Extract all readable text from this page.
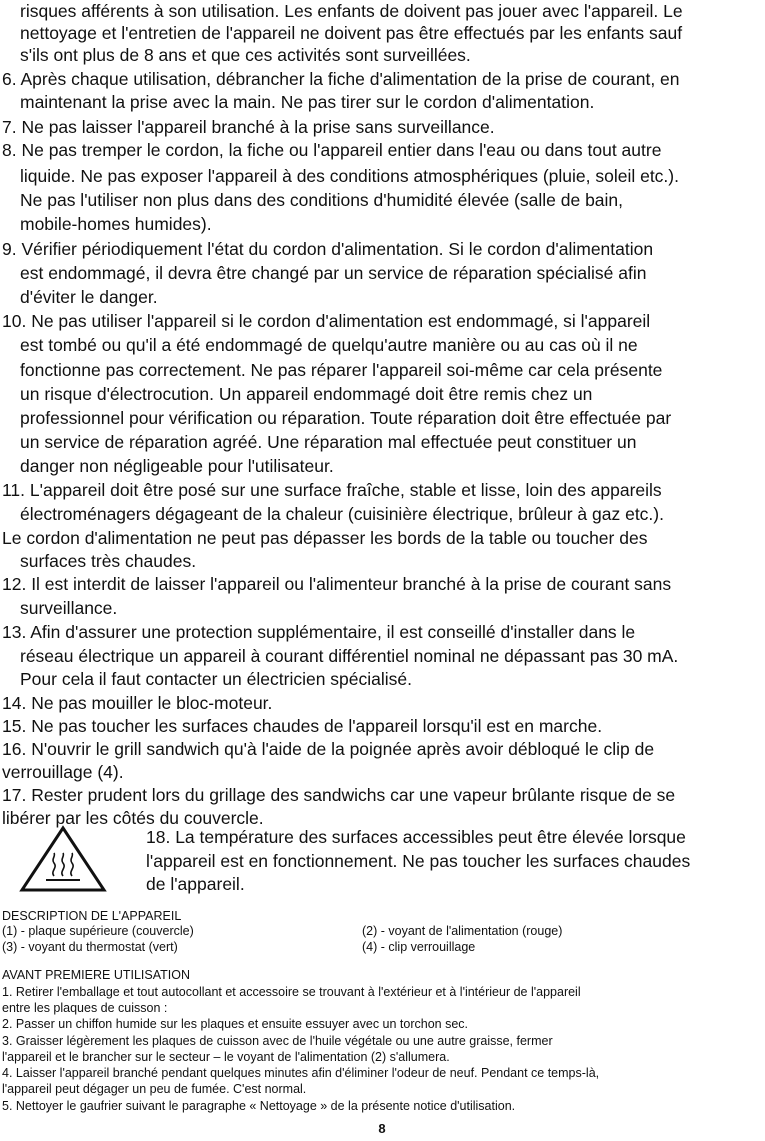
risques afférents à son utilisation. Les enfants de doivent pas jouer avec l'appareil. Le
nettoyage et l'entretien de l'appareil ne doivent pas être effectués par les enfants sauf
s'ils ont plus de 8 ans et que ces activités sont surveillées.
6. Après chaque utilisation, débrancher la fiche d'alimentation de la prise de courant, en
maintenant la prise avec la main. Ne pas tirer sur le cordon d'alimentation.
7. Ne pas laisser l'appareil branché à la prise sans surveillance.
8. Ne pas tremper le cordon, la fiche ou l'appareil entier dans l'eau ou dans tout autre
liquide. Ne pas exposer l'appareil à des conditions atmosphériques (pluie, soleil etc.).
Ne pas l'utiliser non plus dans des conditions d'humidité élevée (salle de bain,
mobile-homes humides).
9. Vérifier périodiquement l'état du cordon d'alimentation. Si le cordon d'alimentation
est endommagé, il devra être changé par un service de réparation spécialisé afin
d'éviter le danger.
10. Ne pas utiliser l'appareil si le cordon d'alimentation est endommagé, si l'appareil
est tombé ou qu'il a été endommagé de quelqu'autre manière ou au cas où il ne
fonctionne pas correctement. Ne pas réparer l'appareil soi-même car cela présente
un risque d'électrocution. Un appareil endommagé doit être remis chez un
professionnel pour vérification ou réparation. Toute réparation doit être effectuée par
un service de réparation agréé. Une réparation mal effectuée peut constituer un
danger non négligeable pour l'utilisateur.
11. L'appareil doit être posé sur une surface fraîche, stable et lisse, loin des appareils
électroménagers dégageant de la chaleur (cuisinière électrique, brûleur à gaz etc.).
Le cordon d'alimentation ne peut pas dépasser les bords de la table ou toucher des
surfaces très chaudes.
12. Il est interdit de laisser l'appareil ou l'alimenteur branché à la prise de courant sans
surveillance.
13. Afin d'assurer une protection supplémentaire, il est conseillé d'installer dans le
réseau électrique un appareil à courant différentiel nominal ne dépassant pas 30 mA.
Pour cela il faut contacter un électricien spécialisé.
14. Ne pas mouiller le bloc-moteur.
15. Ne pas toucher les surfaces chaudes de l'appareil lorsqu'il est en marche.
16. N'ouvrir le grill sandwich qu'à l'aide de la poignée après avoir débloqué le clip de
verrouillage (4).
17. Rester prudent lors du grillage des sandwichs car une vapeur brûlante risque de se
libérer par les côtés du couvercle.
18. La température des surfaces accessibles peut être élevée lorsque
l'appareil est en fonctionnement. Ne pas toucher les surfaces chaudes
de l'appareil.
DESCRIPTION DE L'APPAREIL
(1) - plaque supérieure (couvercle)	(2) - voyant de l'alimentation (rouge)
(3) - voyant du thermostat (vert)	(4) - clip verrouillage
AVANT PREMIERE UTILISATION
1. Retirer l'emballage et tout autocollant et accessoire se trouvant à l'extérieur et à l'intérieur de l'appareil
entre les plaques de cuisson :
2. Passer un chiffon humide sur les plaques et ensuite essuyer avec un torchon sec.
3. Graisser légèrement les plaques de cuisson avec de l'huile végétale ou une autre graisse, fermer
l'appareil et le brancher sur le secteur – le voyant de l'alimentation (2) s'allumera.
4. Laisser l'appareil branché pendant quelques minutes afin d'éliminer l'odeur de neuf. Pendant ce temps-là,
l'appareil peut dégager un peu de fumée. C'est normal.
5. Nettoyer le gaufrier suivant le paragraphe « Nettoyage » de la présente notice d'utilisation.
8
